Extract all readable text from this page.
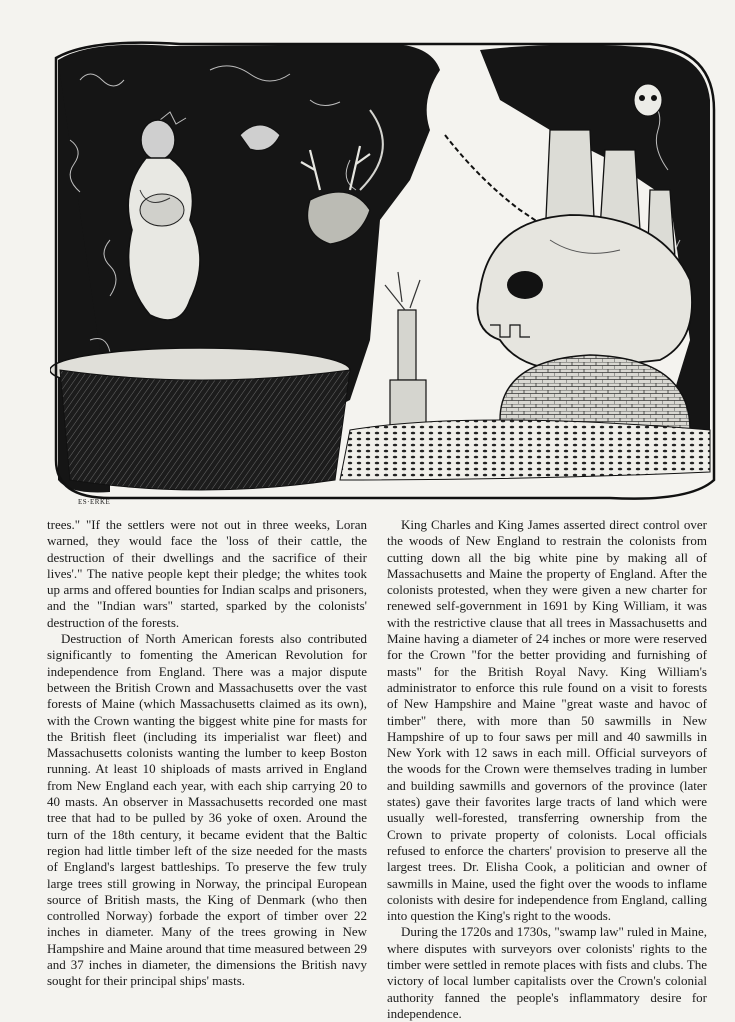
ES·ERKE

trees." "If the settlers were not out in three weeks, Loran warned, they would face the 'loss of their cattle, the destruction of their dwellings and the sacrifice of their lives'." The native people kept their pledge; the whites took up arms and offered bounties for Indian scalps and prisoners, and the "Indian wars" started, sparked by the colonists' destruction of the forests.

Destruction of North American forests also contributed significantly to fomenting the American Revolution for independence from England. There was a major dispute between the British Crown and Massachusetts over the vast forests of Maine (which Massachusetts claimed as its own), with the Crown wanting the biggest white pine for masts for the British fleet (including its imperialist war fleet) and Massachusetts colonists wanting the lumber to keep Boston running. At least 10 shiploads of masts arrived in England from New England each year, with each ship carrying 20 to 40 masts. An observer in Massachusetts recorded one mast tree that had to be pulled by 36 yoke of oxen. Around the turn of the 18th century, it became evident that the Baltic region had little timber left of the size needed for the masts of England's largest battleships. To preserve the few truly large trees still growing in Norway, the principal European source of British masts, the King of Denmark (who then controlled Norway) forbade the export of timber over 22 inches in diameter. Many of the trees growing in New Hampshire and Maine around that time measured between 29 and 37 inches in diameter, the dimensions the British navy sought for their principal ships' masts.

King Charles and King James asserted direct control over the woods of New England to restrain the colonists from cutting down all the big white pine by making all of Massachusetts and Maine the property of England. After the colonists protested, when they were given a new charter for renewed self-government in 1691 by King William, it was with the restrictive clause that all trees in Massachusetts and Maine having a diameter of 24 inches or more were reserved for the Crown "for the better providing and furnishing of masts" for the British Royal Navy. King William's administrator to enforce this rule found on a visit to forests of New Hampshire and Maine "great waste and havoc of timber" there, with more than 50 sawmills in New Hampshire of up to four saws per mill and 40 sawmills in New York with 12 saws in each mill. Official surveyors of the woods for the Crown were themselves trading in lumber and building sawmills and governors of the province (later states) gave their favorites large tracts of land which were usually well-forested, transferring ownership from the Crown to private property of colonists. Local officials refused to enforce the charters' provision to preserve all the largest trees. Dr. Elisha Cook, a politician and owner of sawmills in Maine, used the fight over the woods to inflame colonists with desire for independence from England, calling into question the King's right to the woods.

During the 1720s and 1730s, "swamp law" ruled in Maine, where disputes with surveyors over colonists' rights to the timber were settled in remote places with fists and clubs. The victory of local lumber capitalists over the Crown's colonial authority fanned the people's inflammatory desire for independence.
